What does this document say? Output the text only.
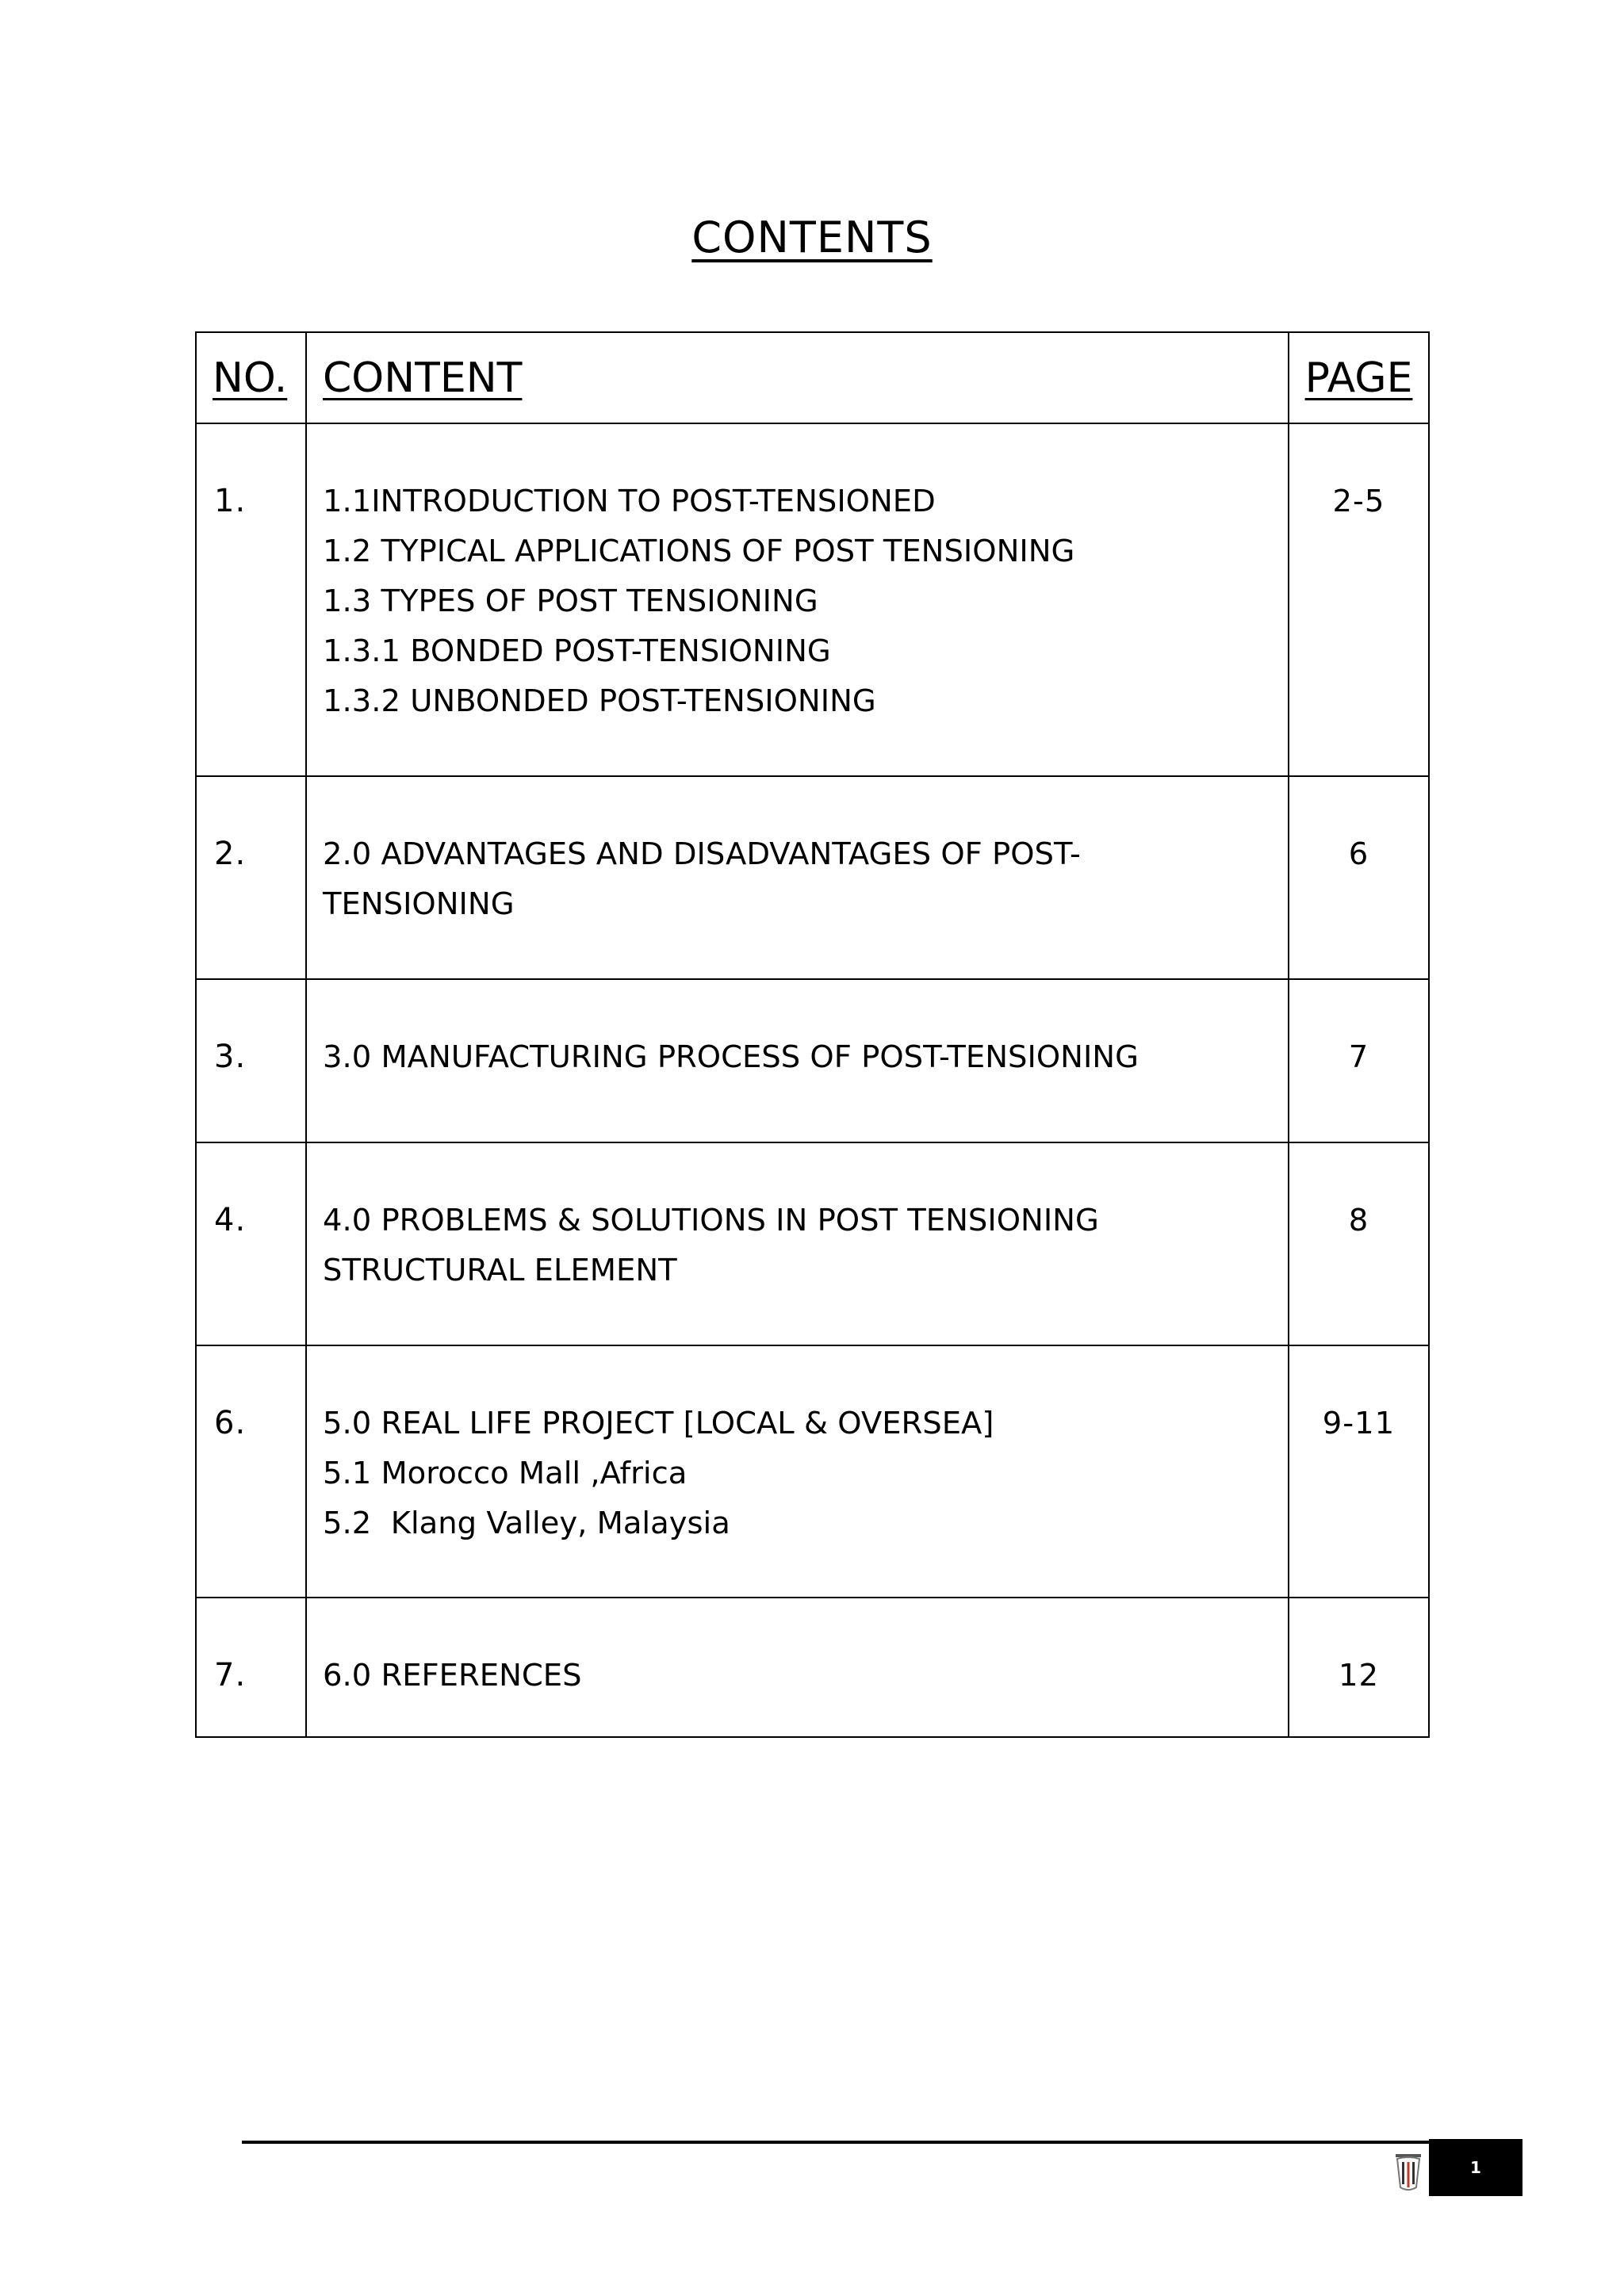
CONTENTS
NO.	CONTENT	PAGE
1.	1.1INTRODUCTION TO POST-TENSIONED
1.2 TYPICAL APPLICATIONS OF POST TENSIONING
1.3 TYPES OF POST TENSIONING
1.3.1 BONDED POST-TENSIONING
1.3.2 UNBONDED POST-TENSIONING	2-5
2.	2.0 ADVANTAGES AND DISADVANTAGES OF POST-
TENSIONING	6
3.	3.0 MANUFACTURING PROCESS OF POST-TENSIONING	7
4.	4.0 PROBLEMS & SOLUTIONS IN POST TENSIONING
STRUCTURAL ELEMENT	8
6.	5.0 REAL LIFE PROJECT [LOCAL & OVERSEA]
5.1 Morocco Mall ,Africa
5.2  Klang Valley, Malaysia	9-11
7.	6.0 REFERENCES	12
1
